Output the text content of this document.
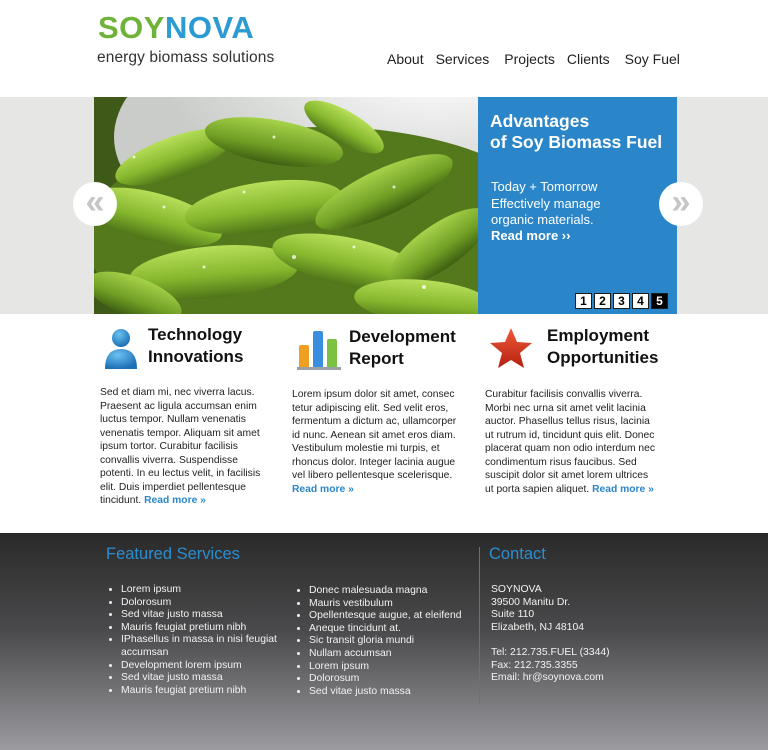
SOYNOVA
energy biomass solutions	About Services Projects Clients Soy Fuel
Advantages
of Soy Biomass Fuel
Today + Tomorrow
Effectively manage
organic materials.
Read more ››
1	2	3	4	5
«	»
Technology
Innovations
Sed et diam mi, nec viverra lacus. Praesent ac ligula accumsan enim luctus tempor. Nullam venenatis venenatis tempor. Aliquam sit amet ipsum tortor. Curabitur facilisis convallis viverra. Suspendisse potenti. In eu lectus velit, in facilisis elit. Duis imperdiet pellentesque tincidunt. Read more »
Development
Report
Lorem ipsum dolor sit amet, consec tetur adipiscing elit. Sed velit eros, fermentum a dictum ac, ullamcorper id nunc. Aenean sit amet eros diam. Vestibulum molestie mi turpis, et rhoncus dolor. Integer lacinia augue vel libero pellentesque scelerisque. Read more »
Employment
Opportunities
Curabitur facilisis convallis viverra. Morbi nec urna sit amet velit lacinia auctor. Phasellus tellus risus, lacinia ut rutrum id, tincidunt quis elit. Donec placerat quam non odio interdum nec condimentum risus faucibus. Sed suscipit dolor sit amet lorem ultrices ut porta sapien aliquet. Read more »
Featured Services	Contact
• Lorem ipsum
• Dolorosum
• Sed vitae justo massa
• Mauris feugiat pretium nibh
• IPhasellus in massa in nisi feugiat accumsan
• Development lorem ipsum
• Sed vitae justo massa
• Mauris feugiat pretium nibh
• Donec malesuada magna
• Mauris vestibulum
• Opellentesque augue, at eleifend
• Aneque tincidunt at.
• Sic transit gloria mundi
• Nullam accumsan
• Lorem ipsum
• Dolorosum
• Sed vitae justo massa
SOYNOVA
39500 Manitu Dr.
Suite 110
Elizabeth, NJ 48104
Tel: 212.735.FUEL (3344)
Fax: 212.735.3355
Email: hr@soynova.com
